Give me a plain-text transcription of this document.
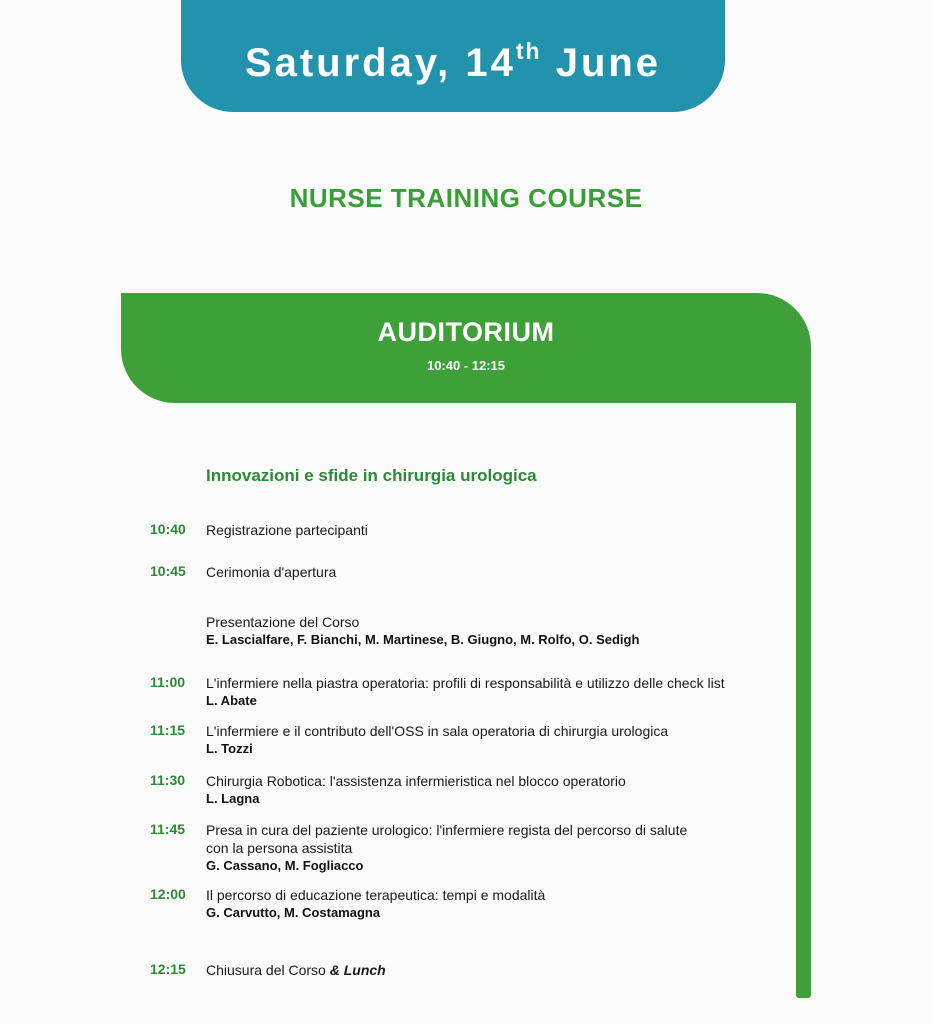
Saturday, 14th June
NURSE TRAINING COURSE
AUDITORIUM
10:40 - 12:15
Innovazioni e sfide in chirurgia urologica
10:40 Registrazione partecipanti
10:45 Cerimonia d'apertura
Presentazione del Corso
E. Lascialfare, F. Bianchi, M. Martinese, B. Giugno, M. Rolfo, O. Sedigh
11:00 L'infermiere nella piastra operatoria: profili di responsabilità e utilizzo delle check list
L. Abate
11:15 L'infermiere e il contributo dell'OSS in sala operatoria di chirurgia urologica
L. Tozzi
11:30 Chirurgia Robotica: l'assistenza infermieristica nel blocco operatorio
L. Lagna
11:45 Presa in cura del paziente urologico: l'infermiere regista del percorso di salute
con la persona assistita
G. Cassano, M. Fogliacco
12:00 Il percorso di educazione terapeutica: tempi e modalità
G. Carvutto, M. Costamagna
12:15 Chiusura del Corso & Lunch
